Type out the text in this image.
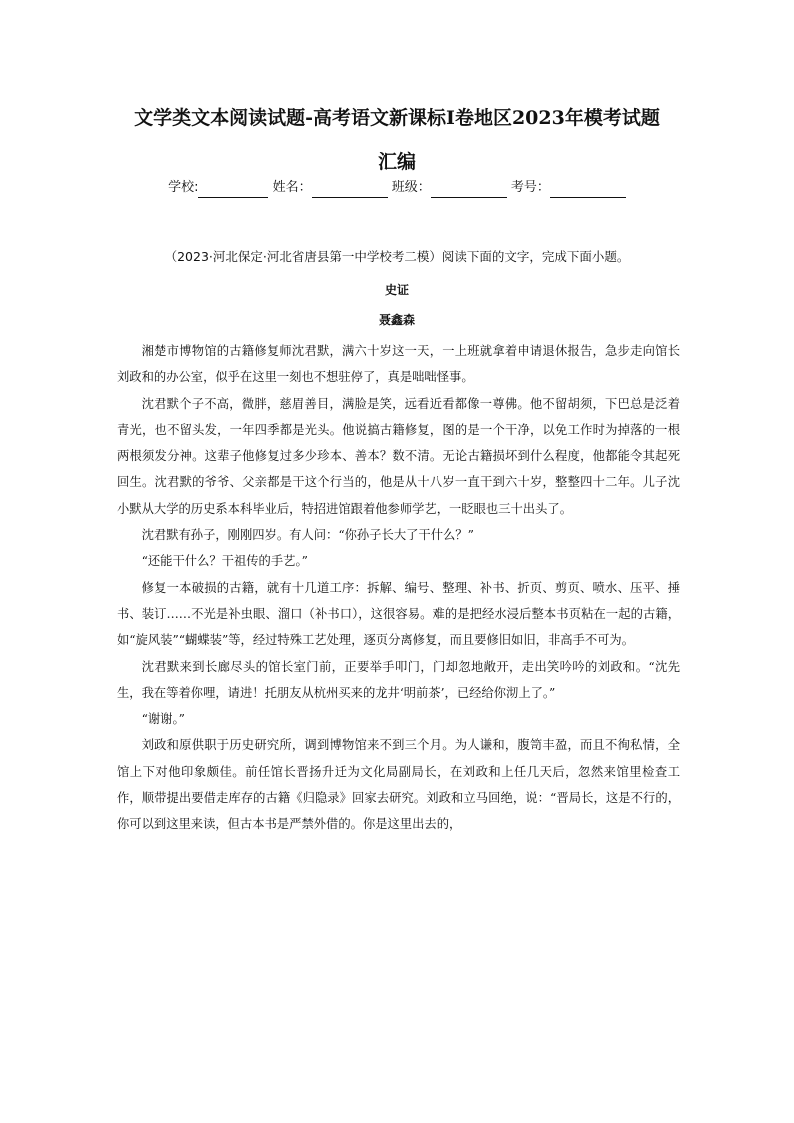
文学类文本阅读试题-高考语文新课标Ⅰ卷地区2023年模考试题
汇编
学校:	姓名：	班级：	考号：
（2023·河北保定·河北省唐县第一中学校考二模）阅读下面的文字，完成下面小题。
史证
聂鑫森

湘楚市博物馆的古籍修复师沈君默，满六十岁这一天，一上班就拿着申请退休报告，急步走向馆长刘政和的办公室，似乎在这里一刻也不想驻停了，真是咄咄怪事。

沈君默个子不高，微胖，慈眉善目，满脸是笑，远看近看都像一尊佛。他不留胡须，下巴总是泛着青光，也不留头发，一年四季都是光头。他说搞古籍修复，图的是一个干净，以免工作时为掉落的一根两根须发分神。这辈子他修复过多少珍本、善本？数不清。无论古籍损坏到什么程度，他都能令其起死回生。沈君默的爷爷、父亲都是干这个行当的，他是从十八岁一直干到六十岁，整整四十二年。儿子沈小默从大学的历史系本科毕业后，特招进馆跟着他参师学艺，一眨眼也三十出头了。

沈君默有孙子，刚刚四岁。有人问：“你孙子长大了干什么？”

“还能干什么？干祖传的手艺。”

修复一本破损的古籍，就有十几道工序：拆解、编号、整理、补书、折页、剪页、喷水、压平、捶书、装订……不光是补虫眼、溜口（补书口），这很容易。难的是把经水浸后整本书页粘在一起的古籍，如“旋风装”“蝴蝶装”等，经过特殊工艺处理，逐页分离修复，而且要修旧如旧，非高手不可为。

沈君默来到长廊尽头的馆长室门前，正要举手叩门，门却忽地敞开，走出笑吟吟的刘政和。“沈先生，我在等着你哩，请进！托朋友从杭州买来的龙井‘明前茶’，已经给你沏上了。”

“谢谢。”

刘政和原供职于历史研究所，调到博物馆来不到三个月。为人谦和，腹笥丰盈，而且不徇私情，全馆上下对他印象颇佳。前任馆长晋扬升迁为文化局副局长，在刘政和上任几天后，忽然来馆里检查工作，顺带提出要借走库存的古籍《归隐录》回家去研究。刘政和立马回绝，说：“晋局长，这是不行的，你可以到这里来读，但古本书是严禁外借的。你是这里出去的，
